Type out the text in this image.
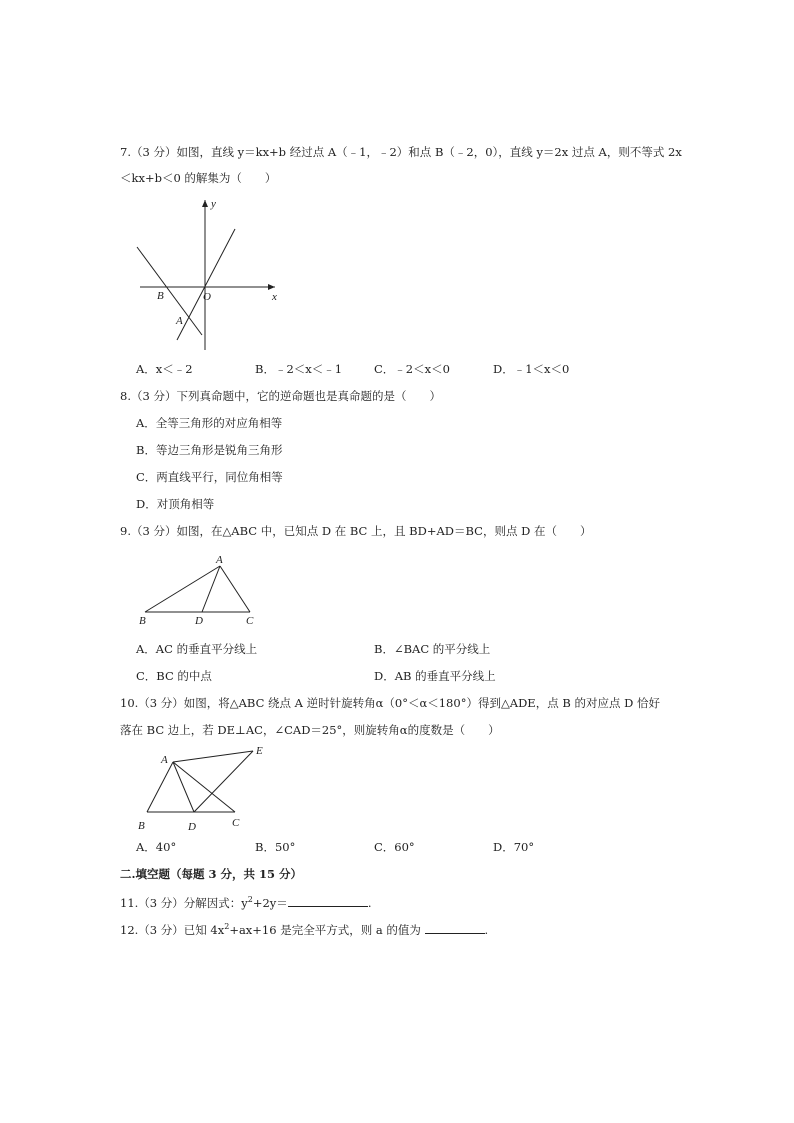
7.（3 分）如图，直线 y＝kx+b 经过点 A（﹣1，﹣2）和点 B（﹣2，0），直线 y＝2x 过点 A，则不等式 2x
＜kx+b＜0 的解集为（　　）
y
x
B	O
A
A．x＜﹣2	B．﹣2＜x＜﹣1	C．﹣2＜x＜0	D．﹣1＜x＜0
8.（3 分）下列真命题中，它的逆命题也是真命题的是（　　）
A．全等三角形的对应角相等
B．等边三角形是锐角三角形
C．两直线平行，同位角相等
D．对顶角相等
9.（3 分）如图，在△ABC 中，已知点 D 在 BC 上，且 BD+AD＝BC，则点 D 在（　　）
A
B	D	C
A．AC 的垂直平分线上	B．∠BAC 的平分线上
C．BC 的中点	D．AB 的垂直平分线上
10.（3 分）如图，将△ABC 绕点 A 逆时针旋转角α（0°＜α＜180°）得到△ADE，点 B 的对应点 D 恰好
落在 BC 边上，若 DE⊥AC，∠CAD＝25°，则旋转角α的度数是（　　）
A
E
B	D	C
A．40°	B．50°	C．60°	D．70°
二.填空题（每题 3 分，共 15 分）
11.（3 分）分解因式：$y^2+2y=$	.
12.（3 分）已知 $4x^2+ax+16$ 是完全平方式，则 a 的值为	.
